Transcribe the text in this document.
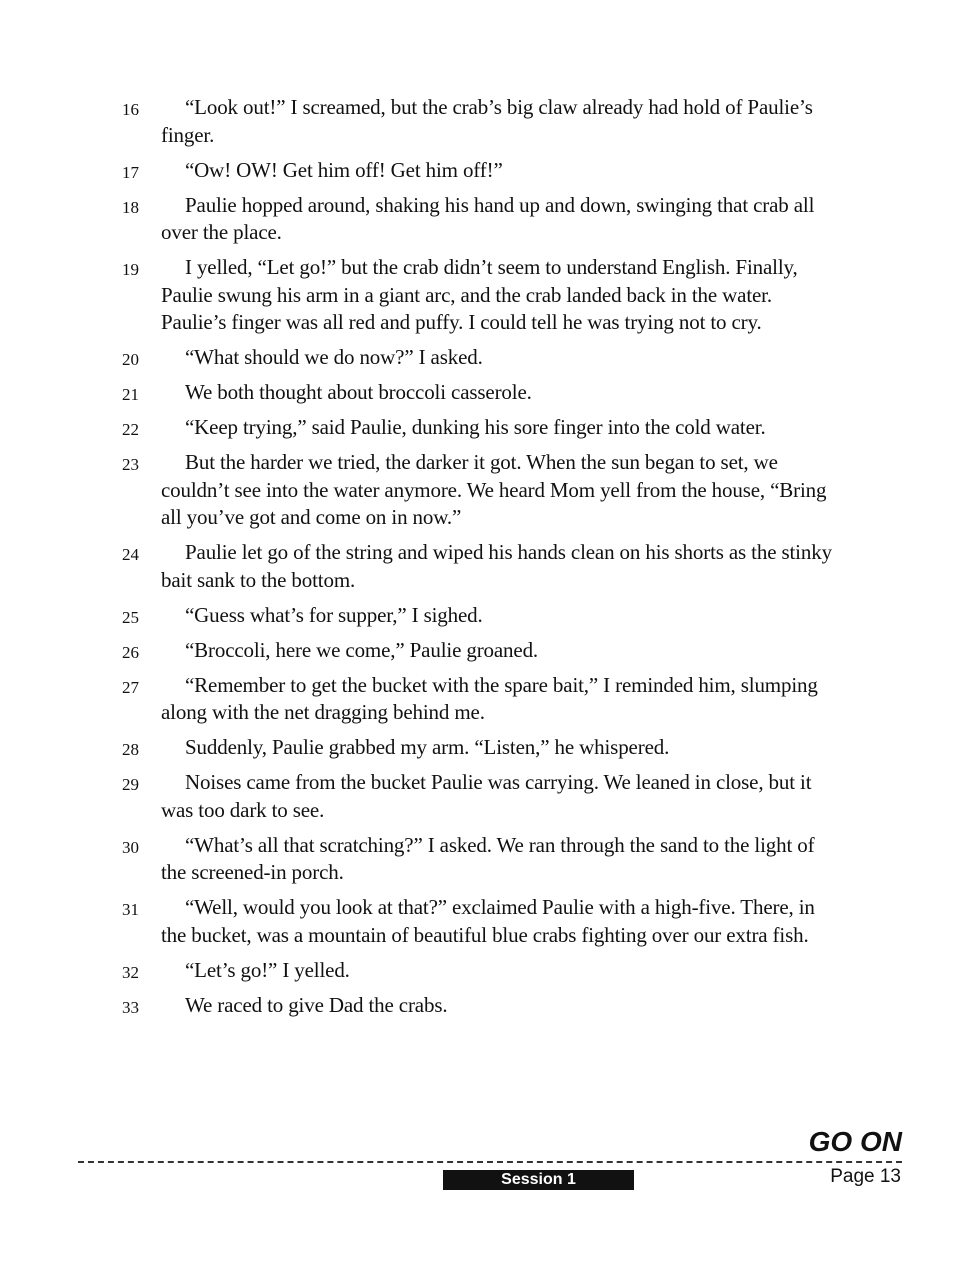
16	“Look out!” I screamed, but the crab’s big claw already had hold of Paulie’s finger.
17	“Ow! OW! Get him off! Get him off!”
18	Paulie hopped around, shaking his hand up and down, swinging that crab all over the place.
19	I yelled, “Let go!” but the crab didn’t seem to understand English. Finally, Paulie swung his arm in a giant arc, and the crab landed back in the water. Paulie’s finger was all red and puffy. I could tell he was trying not to cry.
20	“What should we do now?” I asked.
21	We both thought about broccoli casserole.
22	“Keep trying,” said Paulie, dunking his sore finger into the cold water.
23	But the harder we tried, the darker it got. When the sun began to set, we couldn’t see into the water anymore. We heard Mom yell from the house, “Bring all you’ve got and come on in now.”
24	Paulie let go of the string and wiped his hands clean on his shorts as the stinky bait sank to the bottom.
25	“Guess what’s for supper,” I sighed.
26	“Broccoli, here we come,” Paulie groaned.
27	“Remember to get the bucket with the spare bait,” I reminded him, slumping along with the net dragging behind me.
28	Suddenly, Paulie grabbed my arm. “Listen,” he whispered.
29	Noises came from the bucket Paulie was carrying. We leaned in close, but it was too dark to see.
30	“What’s all that scratching?” I asked. We ran through the sand to the light of the screened-in porch.
31	“Well, would you look at that?” exclaimed Paulie with a high-five. There, in the bucket, was a mountain of beautiful blue crabs fighting over our extra fish.
32	“Let’s go!” I yelled.
33	We raced to give Dad the crabs.
GO ON
Session 1	Page 13
